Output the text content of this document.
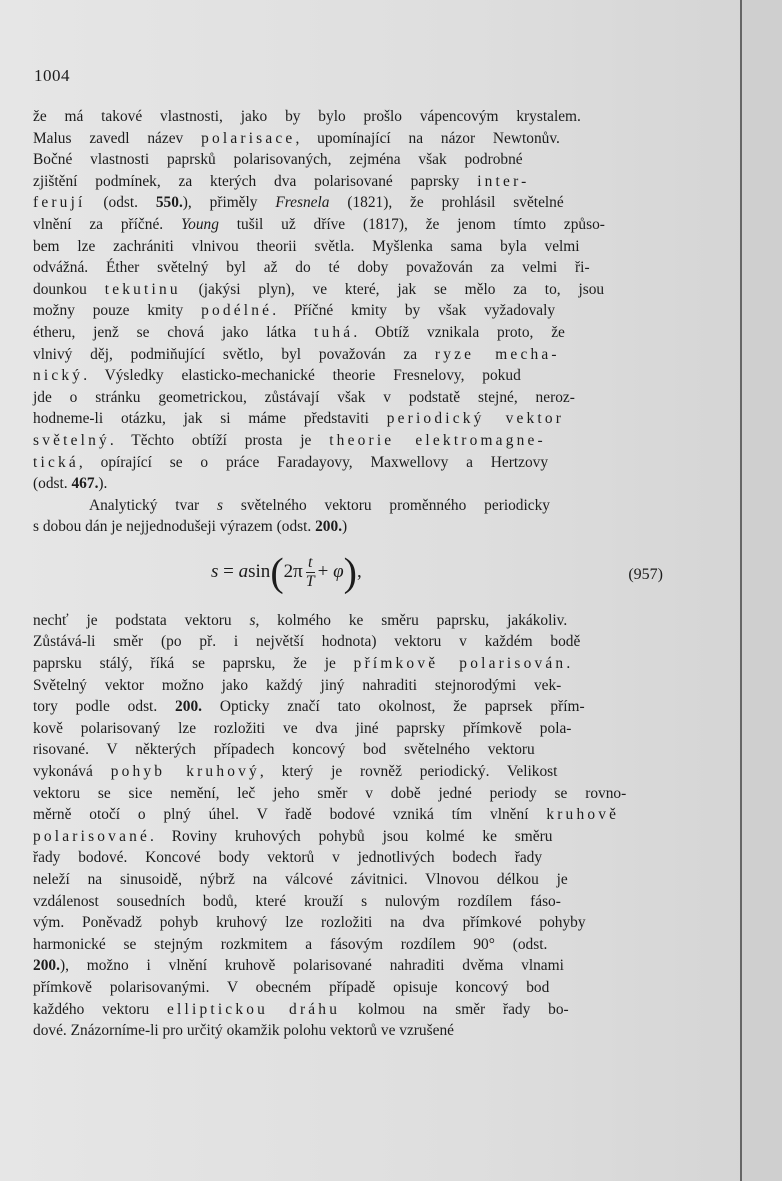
1004
že má takové vlastnosti, jako by bylo prošlo vápencovým krystalem.
Malus zavedl název polarisace, upomínající na názor Newtonův.
Bočné vlastnosti paprsků polarisovaných, zejména však podrobné
zjištění podmínek, za kterých dva polarisované paprsky inter-
ferují (odst. 550.), přiměly Fresnela (1821), že prohlásil světelné
vlnění za příčné. Young tušil už dříve (1817), že jenom tímto způso-
bem lze zachrániti vlnivou theorii světla. Myšlenka sama byla velmi
odvážná. Éther světelný byl až do té doby považován za velmi ři-
dounkou tekutinu (jakýsi plyn), ve které, jak se mělo za to, jsou
možny pouze kmity podélné. Příčné kmity by však vyžadovaly
étheru, jenž se chová jako látka tuhá. Obtíž vznikala proto, že
vlnivý děj, podmiňující světlo, byl považován za ryze mecha-
nický. Výsledky elasticko-mechanické theorie Fresnelovy, pokud
jde o stránku geometrickou, zůstávají však v podstatě stejné, neroz-
hodneme-li otázku, jak si máme představiti periodický vektor
světelný. Těchto obtíží prosta je theorie elektromagne-
tická, opírající se o práce Faradayovy, Maxwellovy a Hertzovy
(odst. 467.).
Analytický tvar s světelného vektoru proměnného periodicky
s dobou dán je nejjednodušeji výrazem (odst. 200.)
$s = asin(2\pi \frac{t}{T} + \varphi)$,	(957)
nechť je podstata vektoru s, kolmého ke směru paprsku, jakákoliv.
Zůstává-li směr (po př. i největší hodnota) vektoru v každém bodě
paprsku stálý, říká se paprsku, že je přímkově polarisován.
Světelný vektor možno jako každý jiný nahraditi stejnorodými vek-
tory podle odst. 200. Opticky značí tato okolnost, že paprsek přím-
kově polarisovaný lze rozložiti ve dva jiné paprsky přímkově pola-
risované. V některých případech koncový bod světelného vektoru
vykonává pohyb kruhový, který je rovněž periodický. Velikost
vektoru se sice nemění, leč jeho směr v době jedné periody se rovno-
měrně otočí o plný úhel. V řadě bodové vzniká tím vlnění kruhově
polarisované. Roviny kruhových pohybů jsou kolmé ke směru
řady bodové. Koncové body vektorů v jednotlivých bodech řady
neleží na sinusoidě, nýbrž na válcové závitnici. Vlnovou délkou je
vzdálenost sousedních bodů, které krouží s nulovým rozdílem fáso-
vým. Poněvadž pohyb kruhový lze rozložiti na dva přímkové pohyby
harmonické se stejným rozkmitem a fásovým rozdílem 90° (odst.
200.), možno i vlnění kruhově polarisované nahraditi dvěma vlnami
přímkově polarisovanými. V obecném případě opisuje koncový bod
každého vektoru elliptickou dráhu kolmou na směr řady bo-
dové. Znázorníme-li pro určitý okamžik polohu vektorů ve vzrušené
